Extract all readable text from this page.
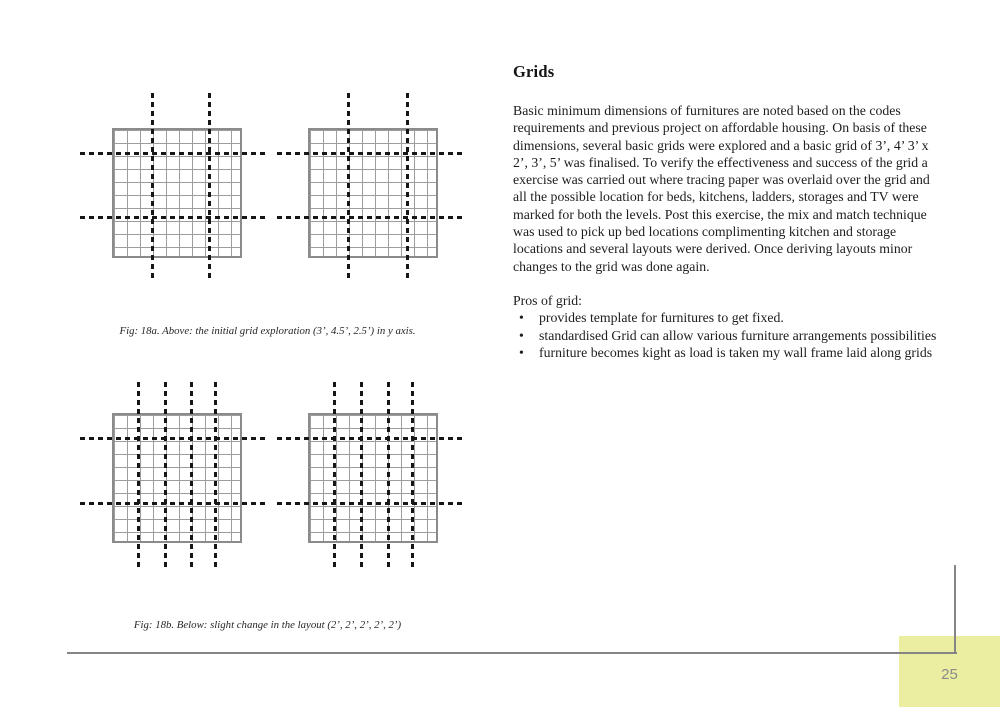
Fig: 18a. Above: the initial grid exploration (3’, 4.5’, 2.5’) in y axis.
Fig: 18b. Below: slight change in the layout (2’, 2’, 2’, 2’, 2’)
Grids

Basic minimum dimensions of furnitures are noted based on the codes requirements and previous project on affordable housing. On basis of these dimensions, several basic grids were explored and a basic grid of 3’, 4’ 3’ x 2’, 3’, 5’ was finalised. To verify the effectiveness and success of the grid a exercise was carried out where tracing paper was overlaid over the grid and all the possible location for beds, kitchens, ladders, storages and TV were marked for both the levels. Post this exercise, the mix and match technique was used to pick up bed locations complimenting kitchen and storage locations and several layouts were derived. Once deriving layouts minor changes to the grid was done again.

Pros of grid:

• provides template for furnitures to get fixed.
• standardised Grid can allow various furniture arrangements possibilities
• furniture becomes kight as load is taken my wall frame laid along grids
25
